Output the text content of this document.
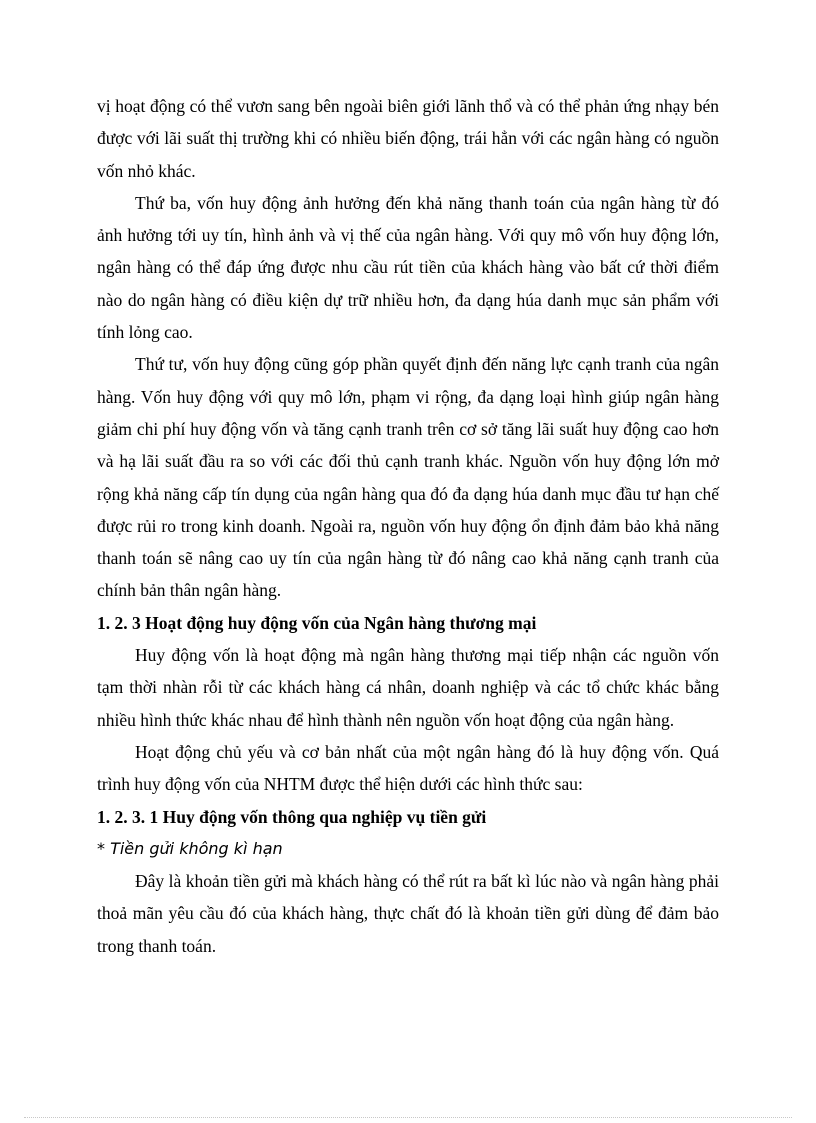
vị hoạt động có thể vươn sang bên ngoài biên giới lãnh thổ và có thể phản ứng nhạy bén được với lãi suất thị trường khi có nhiều biến động, trái hẳn với các ngân hàng có nguồn vốn nhỏ khác.

Thứ ba, vốn huy động ảnh hưởng đến khả năng thanh toán của ngân hàng từ đó ảnh hưởng tới uy tín, hình ảnh và vị thế của ngân hàng. Với quy mô vốn huy động lớn, ngân hàng có thể đáp ứng được nhu cầu rút tiền của khách hàng vào bất cứ thời điểm nào do ngân hàng có điều kiện dự trữ nhiều hơn, đa dạng húa danh mục sản phẩm với tính lỏng cao.

Thứ tư, vốn huy động cũng góp phần quyết định đến năng lực cạnh tranh của ngân hàng. Vốn huy động với quy mô lớn, phạm vi rộng, đa dạng loại hình giúp ngân hàng giảm chi phí huy động vốn và tăng cạnh tranh trên cơ sở tăng lãi suất huy động cao hơn và hạ lãi suất đầu ra so với các đối thủ cạnh tranh khác. Nguồn vốn huy động lớn mở rộng khả năng cấp tín dụng của ngân hàng qua đó đa dạng húa danh mục đầu tư hạn chế được rủi ro trong kinh doanh. Ngoài ra, nguồn vốn huy động ổn định đảm bảo khả năng thanh toán sẽ nâng cao uy tín của ngân hàng từ đó nâng cao khả năng cạnh tranh của chính bản thân ngân hàng.

1. 2. 3 Hoạt động huy động vốn của Ngân hàng thương mại

Huy động vốn là hoạt động mà ngân hàng thương mại tiếp nhận các nguồn vốn tạm thời nhàn rỗi từ các khách hàng cá nhân, doanh nghiệp và các tổ chức khác bằng nhiều hình thức khác nhau để hình thành nên nguồn vốn hoạt động của ngân hàng.

Hoạt động chủ yếu và cơ bản nhất của một ngân hàng đó là huy động vốn. Quá trình huy động vốn của NHTM được thể hiện dưới các hình thức sau:

1. 2. 3. 1 Huy động vốn thông qua nghiệp vụ tiền gửi

* Tiền gửi không kì hạn

Đây là khoản tiền gửi mà khách hàng có thể rút ra bất kì lúc nào và ngân hàng phải thoả mãn yêu cầu đó của khách hàng, thực chất đó là khoản tiền gửi dùng để đảm bảo trong thanh toán.
